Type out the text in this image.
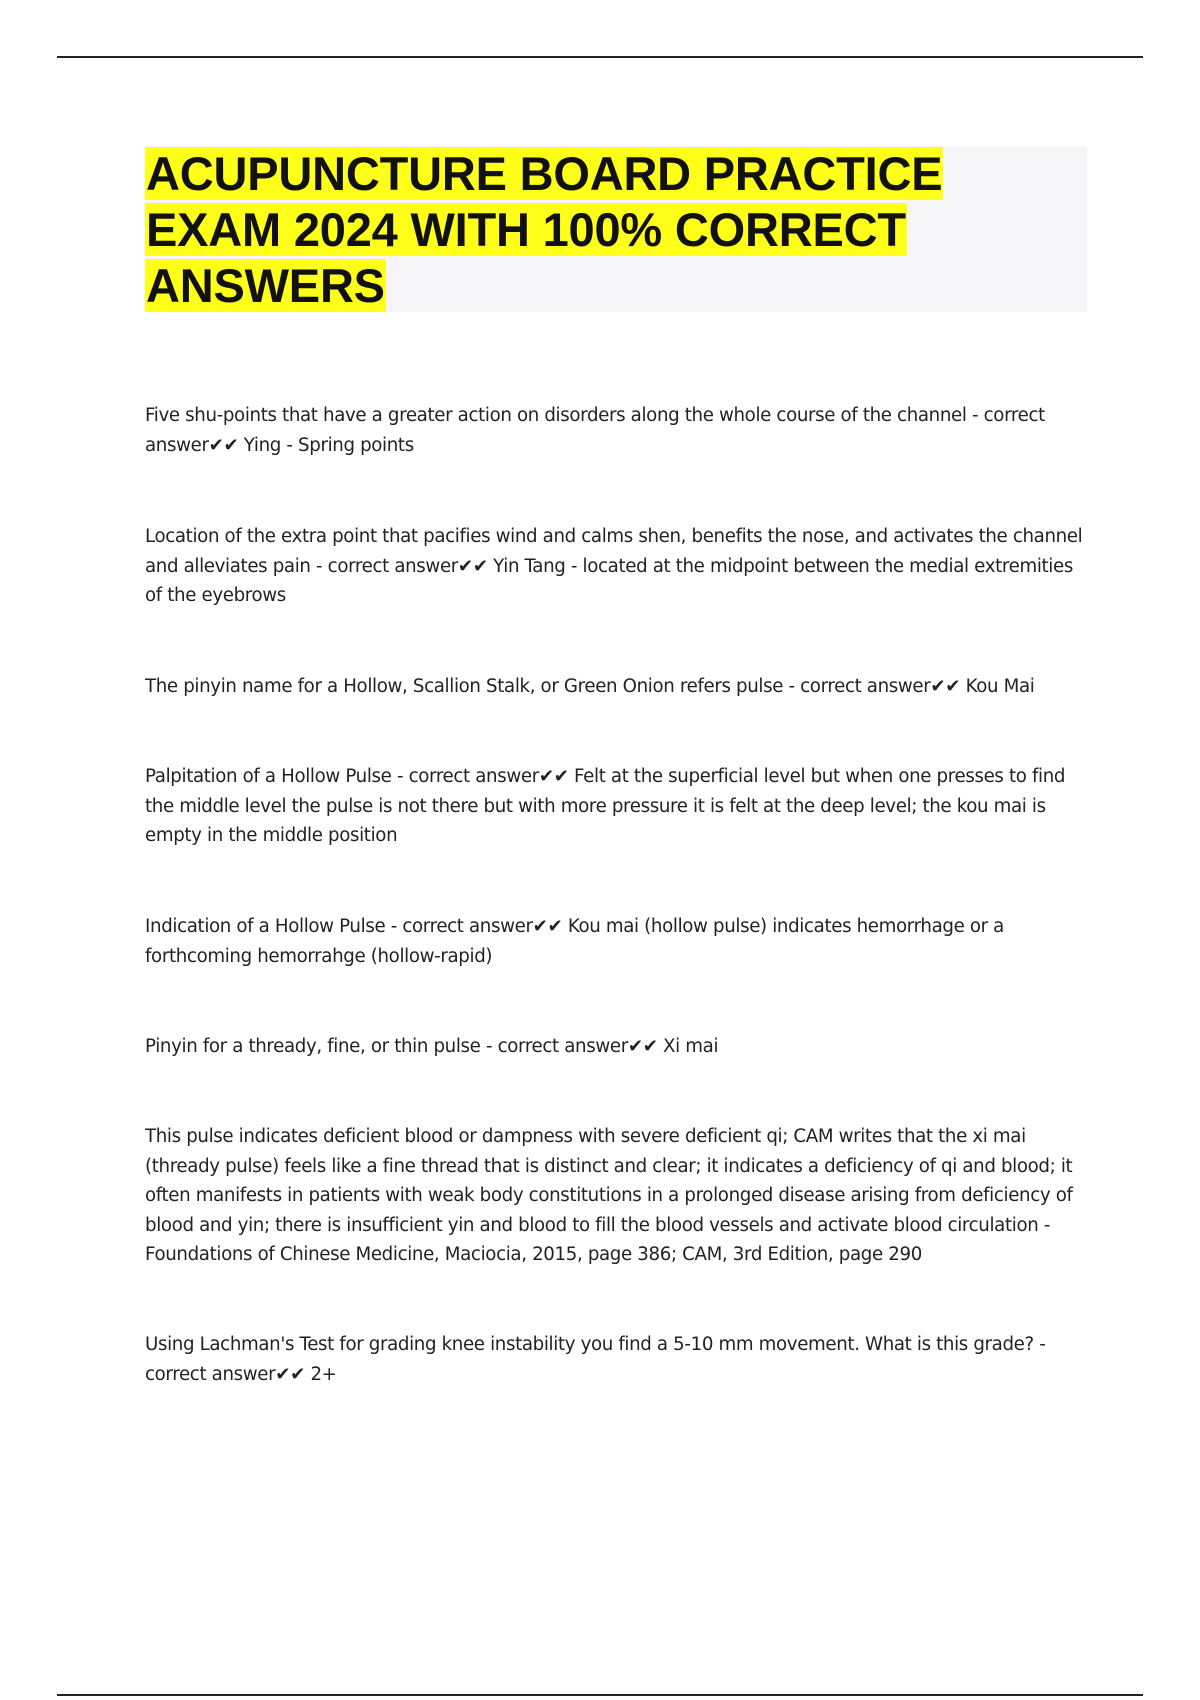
ACUPUNCTURE BOARD PRACTICE EXAM 2024 WITH 100% CORRECT ANSWERS

Five shu-points that have a greater action on disorders along the whole course of the channel - correct answer✔✔ Ying - Spring points

Location of the extra point that pacifies wind and calms shen, benefits the nose, and activates the channel and alleviates pain - correct answer✔✔ Yin Tang - located at the midpoint between the medial extremities of the eyebrows

The pinyin name for a Hollow, Scallion Stalk, or Green Onion refers pulse - correct answer✔✔ Kou Mai

Palpitation of a Hollow Pulse - correct answer✔✔ Felt at the superficial level but when one presses to find the middle level the pulse is not there but with more pressure it is felt at the deep level; the kou mai is empty in the middle position

Indication of a Hollow Pulse - correct answer✔✔ Kou mai (hollow pulse) indicates hemorrhage or a forthcoming hemorrahge (hollow-rapid)

Pinyin for a thready, fine, or thin pulse - correct answer✔✔ Xi mai

This pulse indicates deficient blood or dampness with severe deficient qi; CAM writes that the xi mai (thready pulse) feels like a fine thread that is distinct and clear; it indicates a deficiency of qi and blood; it often manifests in patients with weak body constitutions in a prolonged disease arising from deficiency of blood and yin; there is insufficient yin and blood to fill the blood vessels and activate blood circulation - Foundations of Chinese Medicine, Maciocia, 2015, page 386; CAM, 3rd Edition, page 290

Using Lachman's Test for grading knee instability you find a 5-10 mm movement. What is this grade? - correct answer✔✔ 2+
